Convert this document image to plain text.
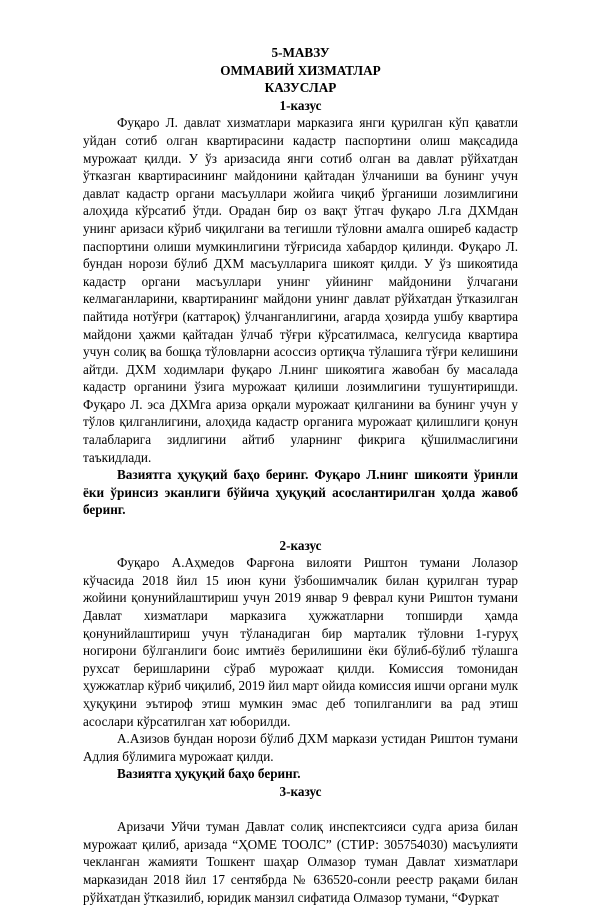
5-МАВЗУ
ОММАВИЙ ХИЗМАТЛАР
КАЗУСЛАР
1-казус

Фуқаро Л. давлат хизматлари марказига янги қурилган кўп қаватли уйдан сотиб олган квартирасини кадастр паспортини олиш мақсадида мурожаат қилди. У ўз аризасида янги сотиб олган ва давлат рўйхатдан ўтказган квартирасининг майдонини қайтадан ўлчаниши ва бунинг учун давлат кадастр органи масъуллари жойига чиқиб ўрганиши лозимлигини алоҳида кўрсатиб ўтди. Орадан бир оз вақт ўтгач фуқаро Л.га ДХМдан унинг аризаси кўриб чиқилгани ва тегишли тўловни амалга оширеб кадастр паспортини олиши мумкинлигини тўғрисида хабардор қилинди. Фуқаро Л. бундан норози бўлиб ДХМ масъулларига шикоят қилди. У ўз шикоятида кадастр органи масъуллари унинг уйининг майдонини ўлчагани келмаганларини, квартиранинг майдони унинг давлат рўйхатдан ўтказилган пайтида нотўғри (каттароқ) ўлчанганлигини, агарда ҳозирда ушбу квартира майдони ҳажми қайтадан ўлчаб тўғри кўрсатилмаса, келгусида квартира учун солиқ ва бошқа тўловларни асоссиз ортиқча тўлашига тўғри келишини айтди. ДХМ ходимлари фуқаро Л.нинг шикоятига жавобан бу масалада кадастр органини ўзига мурожаат қилиши лозимлигини тушунтиришди. Фуқаро Л. эса ДХМга ариза орқали мурожаат қилганини ва бунинг учун у тўлов қилганлигини, алоҳида кадастр органига мурожаат қилишлиги қонун талабларига зидлигини айтиб уларнинг фикрига қўшилмаслигини таъкидлади.

Вазиятга ҳуқуқий баҳо беринг. Фуқаро Л.нинг шикояти ўринли ёки ўринсиз эканлиги бўйича ҳуқуқий асослантирилган ҳолда жавоб беринг.

2-казус

Фуқаро А.Аҳмедов Фарғона вилояти Риштон тумани Лолазор кўчасида 2018 йил 15 июн куни ўзбошимчалик билан қурилган турар жойини қонунийлаштириш учун 2019 январ 9 феврал куни Риштон тумани Давлат хизматлари марказига ҳужжатларни топширди ҳамда қонунийлаштириш учун тўланадиган бир марталик тўловни 1-гуруҳ ногирони бўлганлиги боис имтиёз берилишини ёки бўлиб-бўлиб тўлашга рухсат беришларини сўраб мурожаат қилди. Комиссия томонидан ҳужжатлар кўриб чиқилиб, 2019 йил март ойида комиссия ишчи органи мулк ҳуқуқини эътироф этиш мумкин эмас деб топилганлиги ва рад этиш асослари кўрсатилган хат юборилди.

А.Азизов бундан норози бўлиб ДХМ маркази устидан Риштон тумани Адлия бўлимига мурожаат қилди.

Вазиятга ҳуқуқий баҳо беринг.

3-казус

Аризачи Уйчи туман Давлат солиқ инспектсияси судга ариза билан мурожаат қилиб, аризада “ҲОМЕ ТООЛС” (СТИР: 305754030) масъулияти чекланган жамияти Тошкент шаҳар Олмазор туман Давлат хизматлари марказидан 2018 йил 17 сентябрда № 636520-сонли реестр рақами билан рўйхатдан ўтказилиб, юридик манзил сифатида Олмазор тумани, “Фуркат
